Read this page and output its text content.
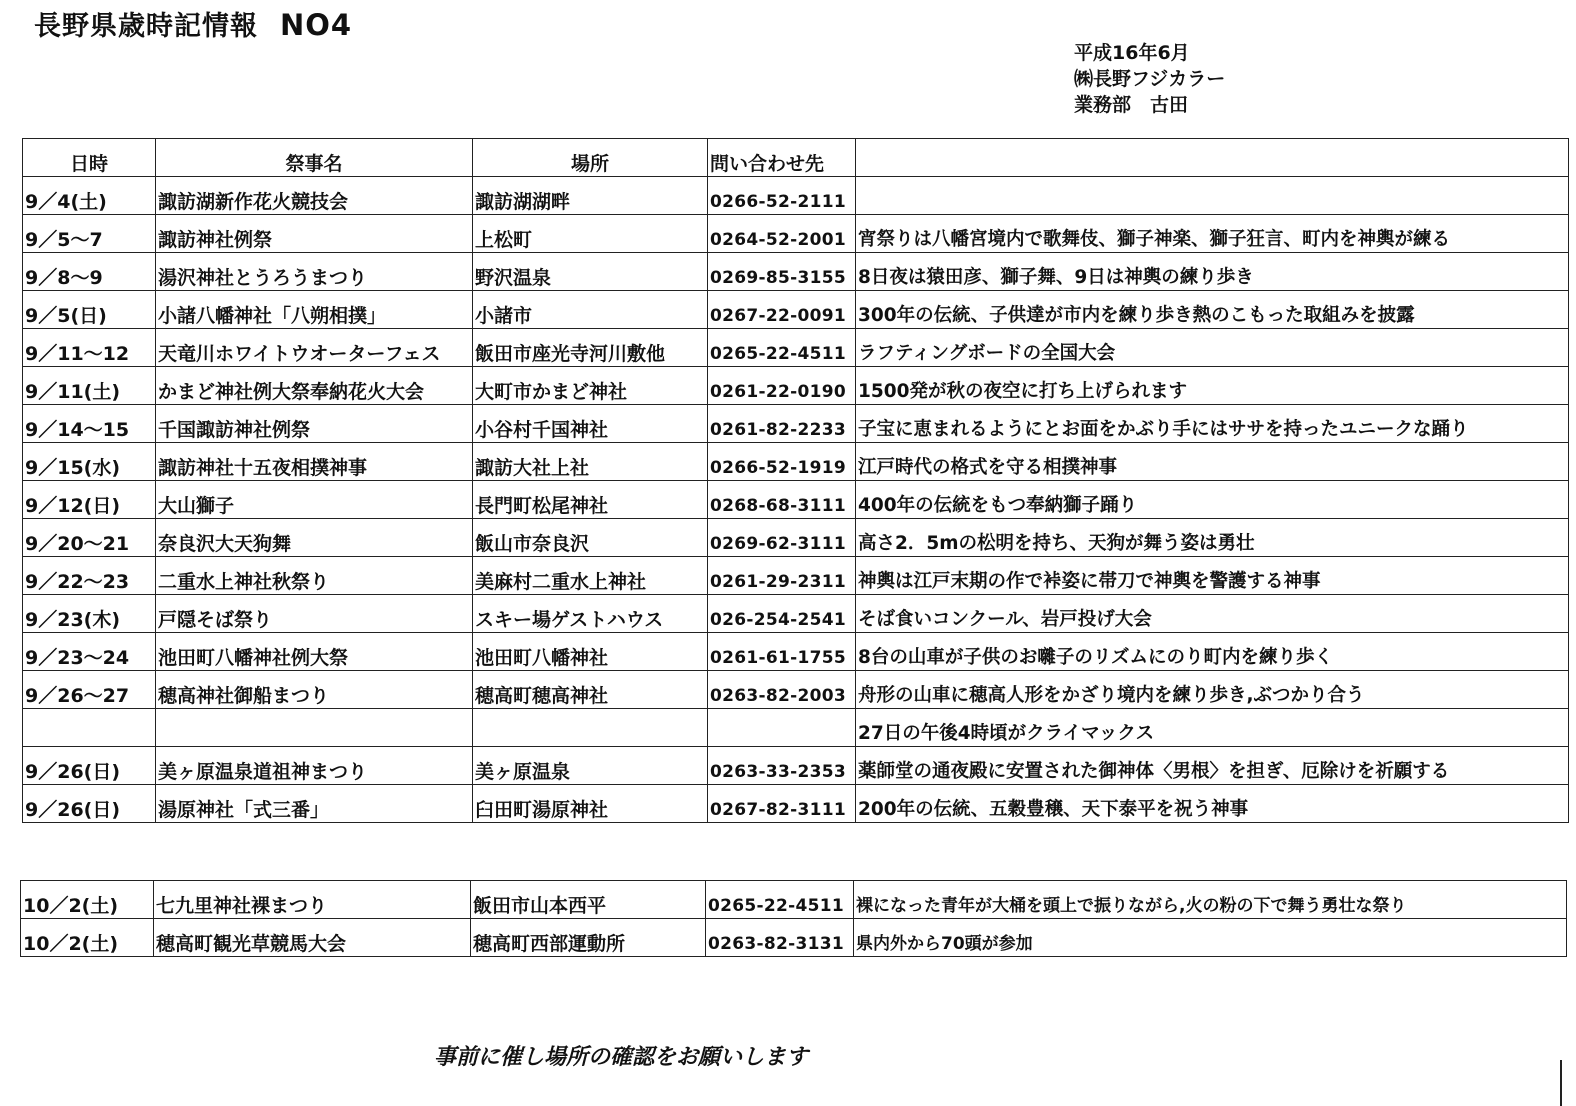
長野県歳時記情報 NO4
平成16年6月
㈱長野フジカラー
業務部　古田
日時	祭事名	場所	問い合わせ先	
9／4(土)	諏訪湖新作花火競技会	諏訪湖湖畔	0266-52-2111	
9／5～7	諏訪神社例祭	上松町	0264-52-2001	宵祭りは八幡宮境内で歌舞伎、獅子神楽、獅子狂言、町内を神輿が練る
9／8～9	湯沢神社とうろうまつり	野沢温泉	0269-85-3155	8日夜は猿田彦、獅子舞、9日は神輿の練り歩き
9／5(日)	小諸八幡神社「八朔相撲」	小諸市	0267-22-0091	300年の伝統、子供達が市内を練り歩き熱のこもった取組みを披露
9／11～12	天竜川ホワイトウオーターフェス	飯田市座光寺河川敷他	0265-22-4511	ラフティングボードの全国大会
9／11(土)	かまど神社例大祭奉納花火大会	大町市かまど神社	0261-22-0190	1500発が秋の夜空に打ち上げられます
9／14～15	千国諏訪神社例祭	小谷村千国神社	0261-82-2233	子宝に恵まれるようにとお面をかぶり手にはササを持ったユニークな踊り
9／15(水)	諏訪神社十五夜相撲神事	諏訪大社上社	0266-52-1919	江戸時代の格式を守る相撲神事
9／12(日)	大山獅子	長門町松尾神社	0268-68-3111	400年の伝統をもつ奉納獅子踊り
9／20～21	奈良沢大天狗舞	飯山市奈良沢	0269-62-3111	高さ2．5mの松明を持ち、天狗が舞う姿は勇壮
9／22～23	二重水上神社秋祭り	美麻村二重水上神社	0261-29-2311	神輿は江戸末期の作で裃姿に帯刀で神輿を警護する神事
9／23(木)	戸隠そば祭り	スキー場ゲストハウス	026-254-2541	そば食いコンクール、岩戸投げ大会
9／23～24	池田町八幡神社例大祭	池田町八幡神社	0261-61-1755	8台の山車が子供のお囃子のリズムにのり町内を練り歩く
9／26～27	穂高神社御船まつり	穂高町穂高神社	0263-82-2003	舟形の山車に穂高人形をかざり境内を練り歩き,ぶつかり合う
				27日の午後4時頃がクライマックス
9／26(日)	美ヶ原温泉道祖神まつり	美ヶ原温泉	0263-33-2353	薬師堂の通夜殿に安置された御神体〈男根〉を担ぎ、厄除けを祈願する
9／26(日)	湯原神社「式三番」	臼田町湯原神社	0267-82-3111	200年の伝統、五穀豊穣、天下泰平を祝う神事
10／2(土)	七九里神社裸まつり	飯田市山本西平	0265-22-4511	裸になった青年が大桶を頭上で振りながら,火の粉の下で舞う勇壮な祭り
10／2(土)	穂高町観光草競馬大会	穂高町西部運動所	0263-82-3131	県内外から70頭が参加
事前に催し場所の確認をお願いします
